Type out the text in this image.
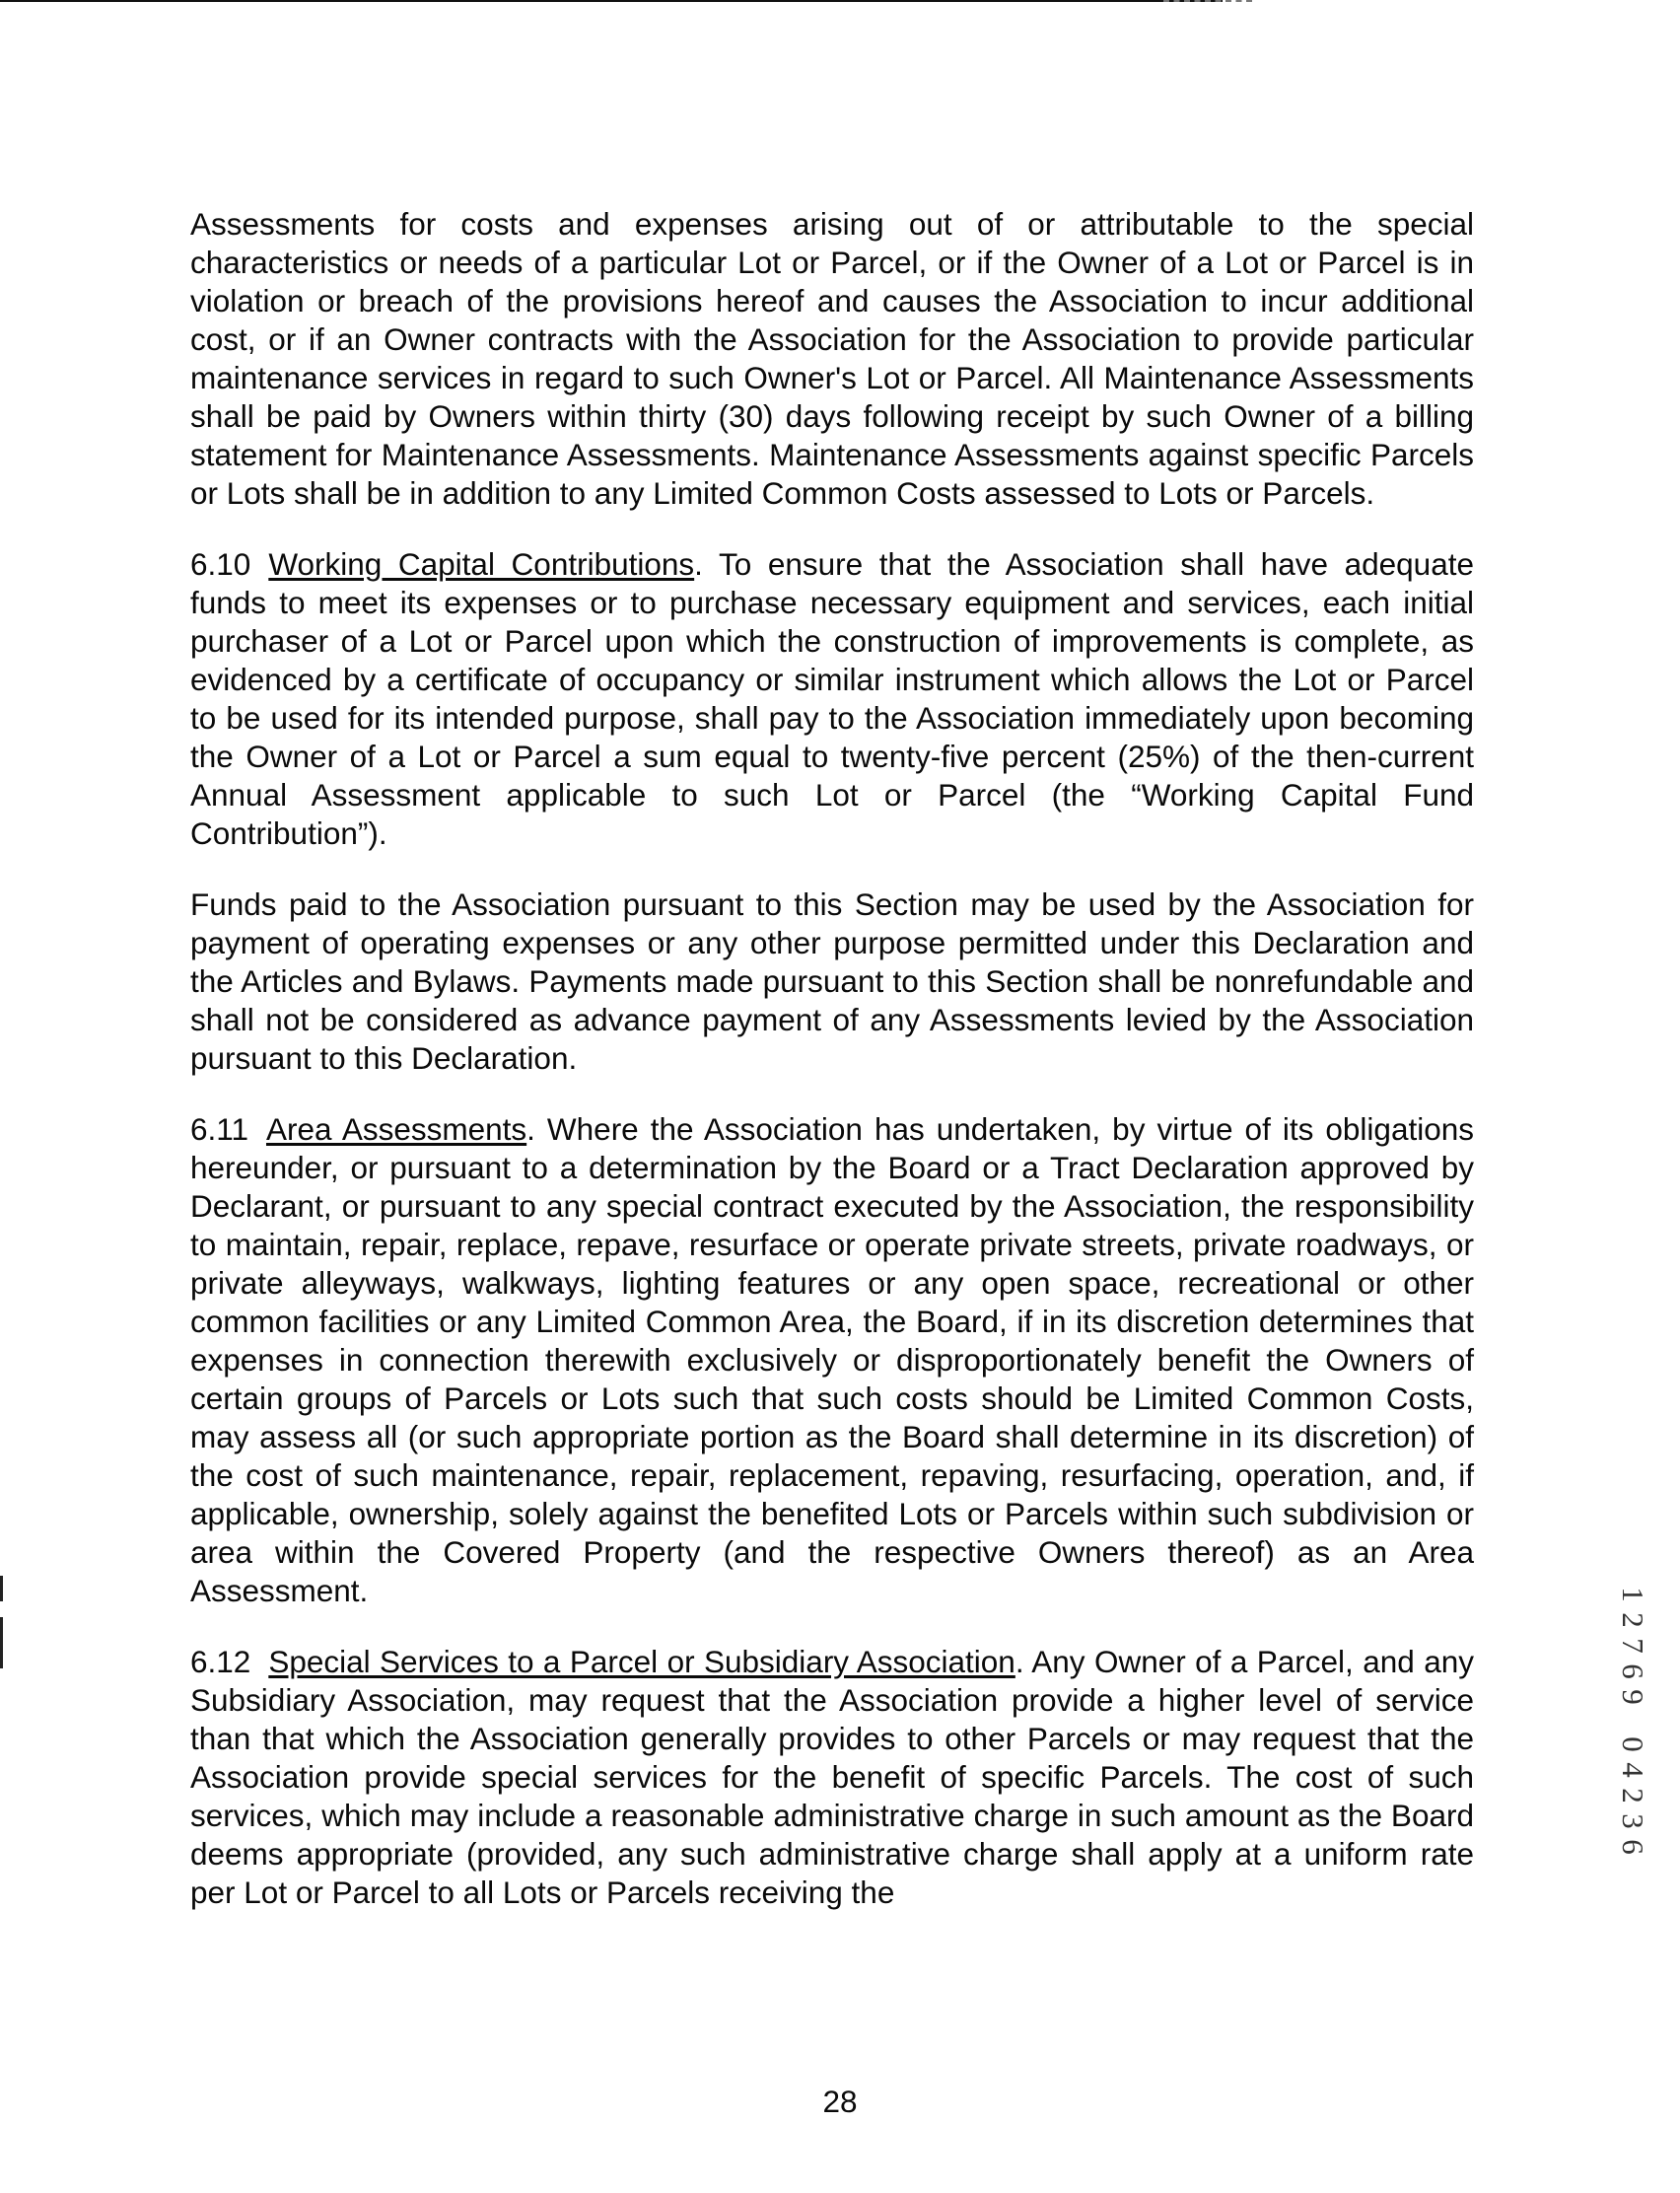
Assessments for costs and expenses arising out of or attributable to the special characteristics or needs of a particular Lot or Parcel, or if the Owner of a Lot or Parcel is in violation or breach of the provisions hereof and causes the Association to incur additional cost, or if an Owner contracts with the Association for the Association to provide particular maintenance services in regard to such Owner's Lot or Parcel. All Maintenance Assessments shall be paid by Owners within thirty (30) days following receipt by such Owner of a billing statement for Maintenance Assessments. Maintenance Assessments against specific Parcels or Lots shall be in addition to any Limited Common Costs assessed to Lots or Parcels.

6.10 Working Capital Contributions. To ensure that the Association shall have adequate funds to meet its expenses or to purchase necessary equipment and services, each initial purchaser of a Lot or Parcel upon which the construction of improvements is complete, as evidenced by a certificate of occupancy or similar instrument which allows the Lot or Parcel to be used for its intended purpose, shall pay to the Association immediately upon becoming the Owner of a Lot or Parcel a sum equal to twenty-five percent (25%) of the then-current Annual Assessment applicable to such Lot or Parcel (the “Working Capital Fund Contribution”).

Funds paid to the Association pursuant to this Section may be used by the Association for payment of operating expenses or any other purpose permitted under this Declaration and the Articles and Bylaws. Payments made pursuant to this Section shall be nonrefundable and shall not be considered as advance payment of any Assessments levied by the Association pursuant to this Declaration.

6.11 Area Assessments. Where the Association has undertaken, by virtue of its obligations hereunder, or pursuant to a determination by the Board or a Tract Declaration approved by Declarant, or pursuant to any special contract executed by the Association, the responsibility to maintain, repair, replace, repave, resurface or operate private streets, private roadways, or private alleyways, walkways, lighting features or any open space, recreational or other common facilities or any Limited Common Area, the Board, if in its discretion determines that expenses in connection therewith exclusively or disproportionately benefit the Owners of certain groups of Parcels or Lots such that such costs should be Limited Common Costs, may assess all (or such appropriate portion as the Board shall determine in its discretion) of the cost of such maintenance, repair, replacement, repaving, resurfacing, operation, and, if applicable, ownership, solely against the benefited Lots or Parcels within such subdivision or area within the Covered Property (and the respective Owners thereof) as an Area Assessment.

6.12 Special Services to a Parcel or Subsidiary Association. Any Owner of a Parcel, and any Subsidiary Association, may request that the Association provide a higher level of service than that which the Association generally provides to other Parcels or may request that the Association provide special services for the benefit of specific Parcels. The cost of such services, which may include a reasonable administrative charge in such amount as the Board deems appropriate (provided, any such administrative charge shall apply at a uniform rate per Lot or Parcel to all Lots or Parcels receiving the

1
2
7
6
9
0
4
2
3
6
28
